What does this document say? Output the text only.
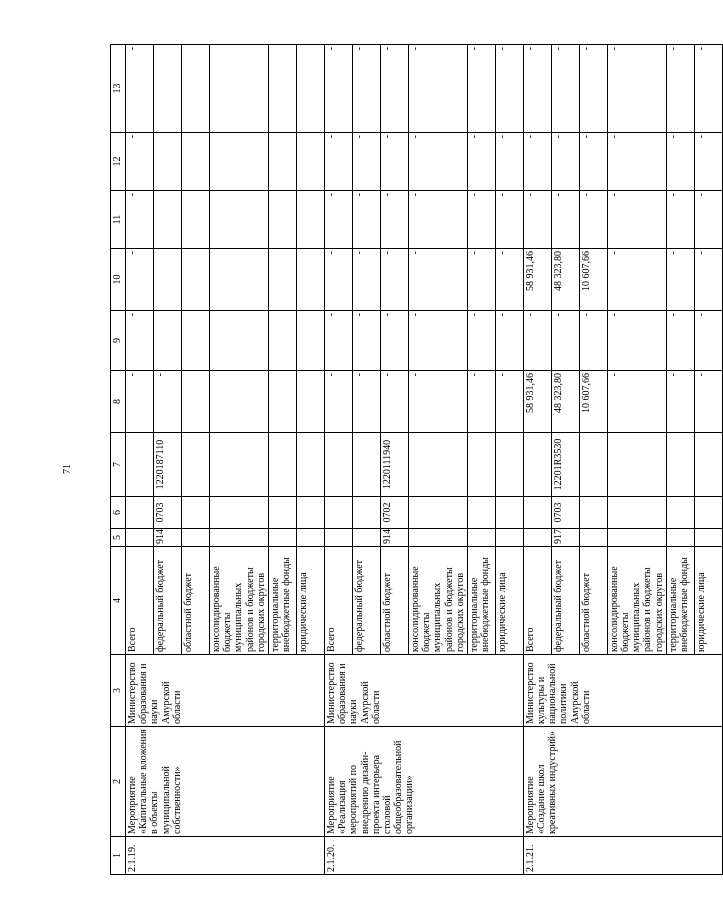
71
1	2	3	4	5	6	7	8	9	10	11	12	13
2.1.19.	Мероприятие «Капитальные вложения в объекты муниципальной собственности»	Министерство образования и науки Амурской области	Всего				-	-	-	-	-	-
			федеральный бюджет	914	0703	1220187110	-					
			областной бюджет									
			консолидированные бюджеты муниципальных районов и бюджеты городских округов									
			территориальные внебюджетные фонды									
			юридические лица									
2.1.20.	Мероприятие «Реализация мероприятий по внедрению дизайн-проекта интерьера столовой общеобразовательной организации»	Министерство образования и науки Амурской области	Всего				-	-	-	-	-	-
			федеральный бюджет				-	-	-	-	-	-
			областной бюджет	914	0702	1220111940	-	-	-	-	-	-
			консолидированные бюджеты муниципальных районов и бюджеты городских округов				-	-	-	-	-	-
			территориальные внебюджетные фонды				-	-	-	-	-	-
			юридические лица				-	-	-	-	-	-
2.1.21.	Мероприятие «Создание школ креативных индустрий»	Министерство культуры и национальной политики Амурской области	Всего				58 931,46	-	58 931,46	-	-	-
			федеральный бюджет	917	0703	12201R3530	48 323,80	-	48 323,80	-	-	-
			областной бюджет				10 607,66	-	10 607,66	-	-	-
			консолидированные бюджеты муниципальных районов и бюджеты городских округов				-	-	-	-	-	-
			территориальные внебюджетные фонды				-	-	-	-	-	-
			юридические лица				-	-	-	-	-	-
